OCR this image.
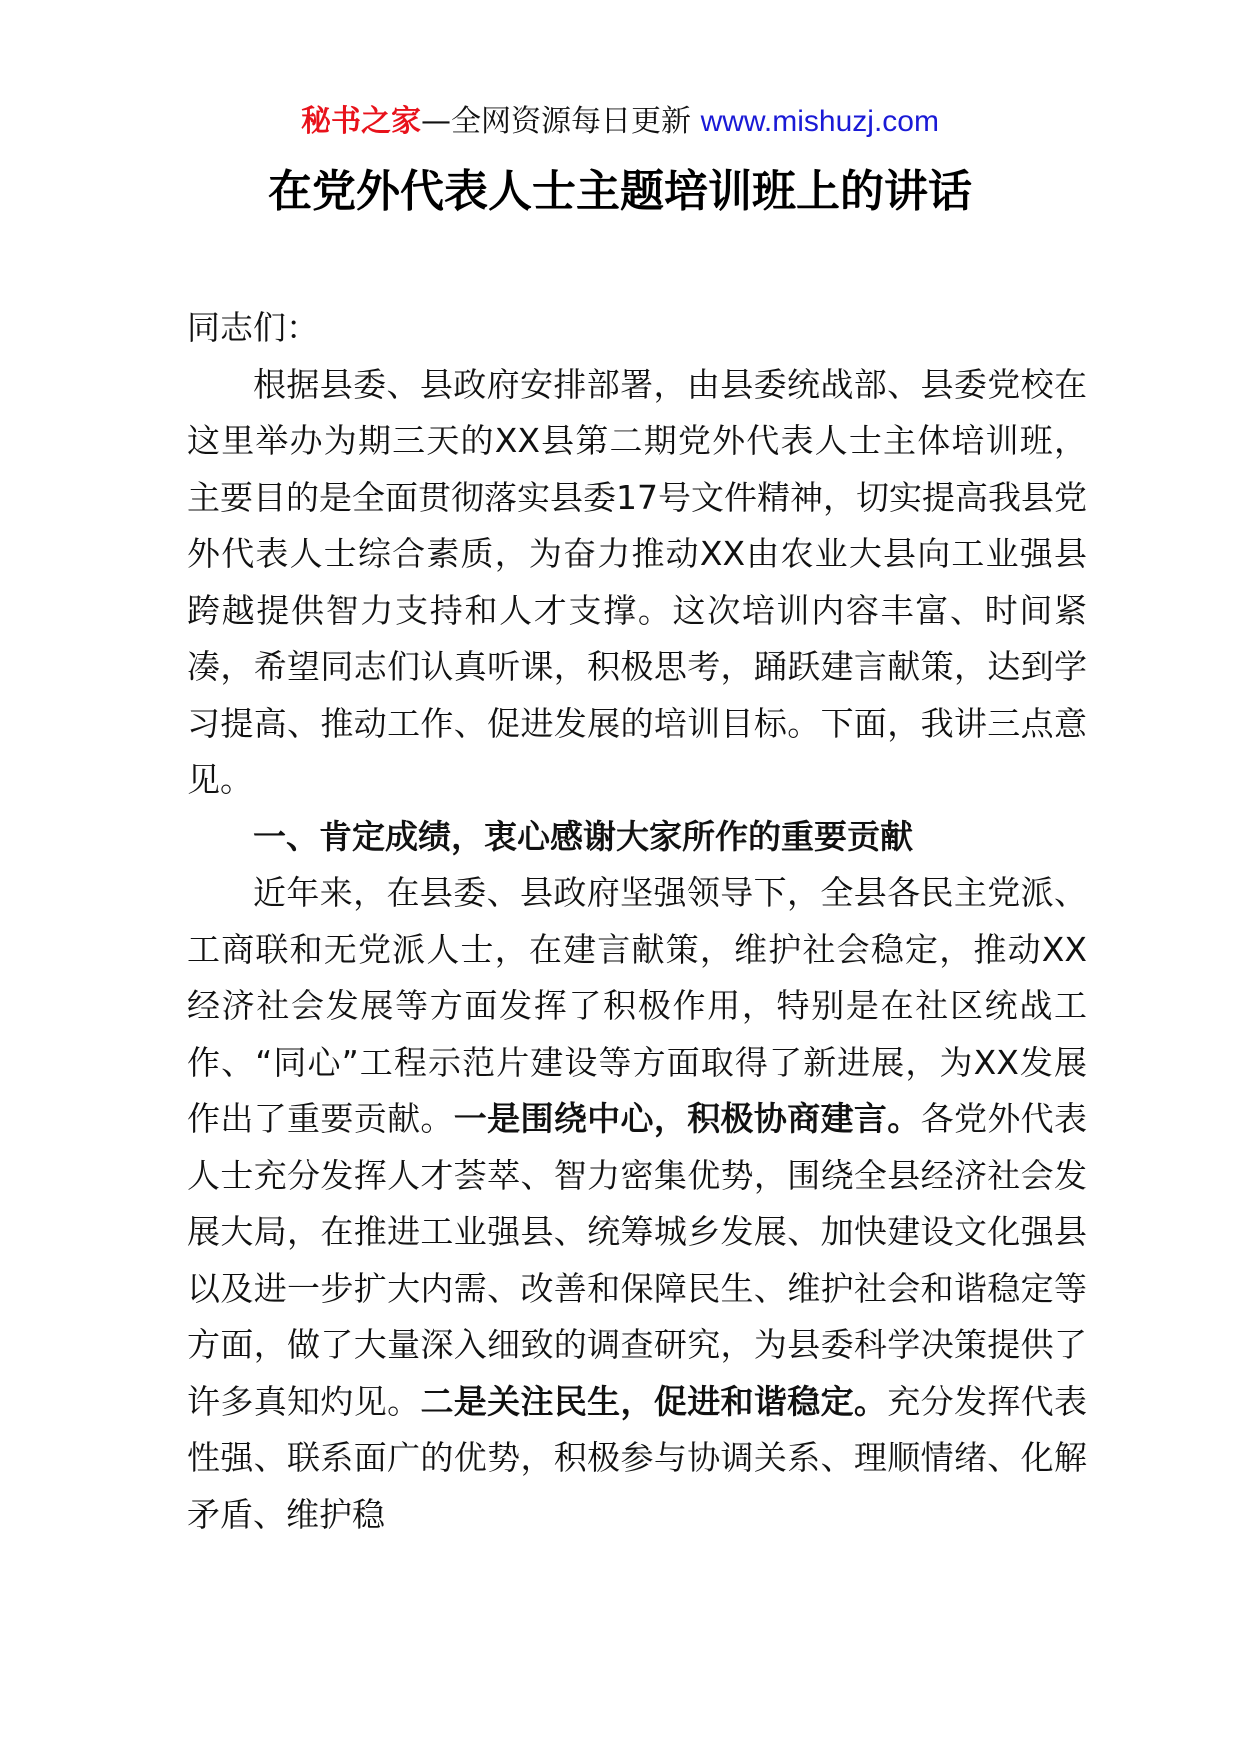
秘书之家—全网资源每日更新 www.mishuzj.com
在党外代表人士主题培训班上的讲话

同志们：

根据县委、县政府安排部署，由县委统战部、县委党校在这里举办为期三天的XX县第二期党外代表人士主体培训班，主要目的是全面贯彻落实县委17号文件精神，切实提高我县党外代表人士综合素质，为奋力推动XX由农业大县向工业强县跨越提供智力支持和人才支撑。这次培训内容丰富、时间紧凑，希望同志们认真听课，积极思考，踊跃建言献策，达到学习提高、推动工作、促进发展的培训目标。下面，我讲三点意见。

一、肯定成绩，衷心感谢大家所作的重要贡献

近年来，在县委、县政府坚强领导下，全县各民主党派、工商联和无党派人士，在建言献策，维护社会稳定，推动XX经济社会发展等方面发挥了积极作用，特别是在社区统战工作、“同心”工程示范片建设等方面取得了新进展，为XX发展作出了重要贡献。一是围绕中心，积极协商建言。各党外代表人士充分发挥人才荟萃、智力密集优势，围绕全县经济社会发展大局，在推进工业强县、统筹城乡发展、加快建设文化强县以及进一步扩大内需、改善和保障民生、维护社会和谐稳定等方面，做了大量深入细致的调查研究，为县委科学决策提供了许多真知灼见。二是关注民生，促进和谐稳定。充分发挥代表性强、联系面广的优势，积极参与协调关系、理顺情绪、化解矛盾、维护稳
